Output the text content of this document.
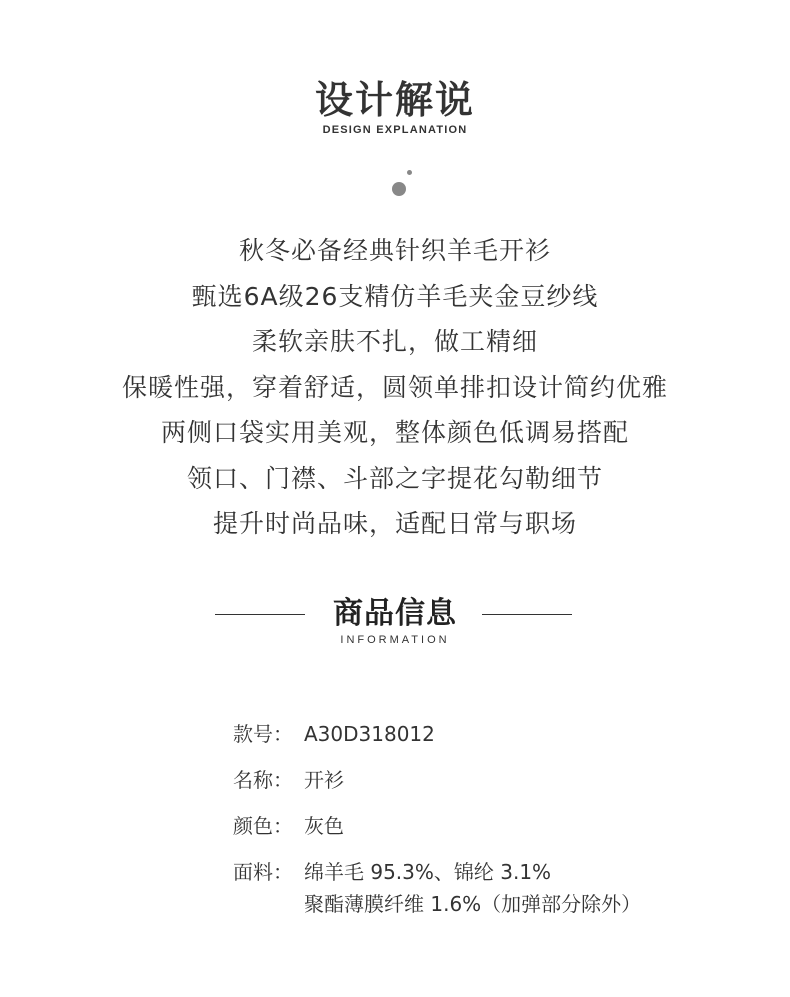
设计解说
DESIGN EXPLANATION
秋冬必备经典针织羊毛开衫
甄选6A级26支精仿羊毛夹金豆纱线
柔软亲肤不扎，做工精细
保暖性强，穿着舒适，圆领单排扣设计简约优雅
两侧口袋实用美观，整体颜色低调易搭配
领口、门襟、斗部之字提花勾勒细节
提升时尚品味，适配日常与职场
商品信息
INFORMATION
款号： A30D318012
名称： 开衫
颜色： 灰色
面料： 绵羊毛 95.3%、锦纶 3.1%
聚酯薄膜纤维 1.6%（加弹部分除外）
